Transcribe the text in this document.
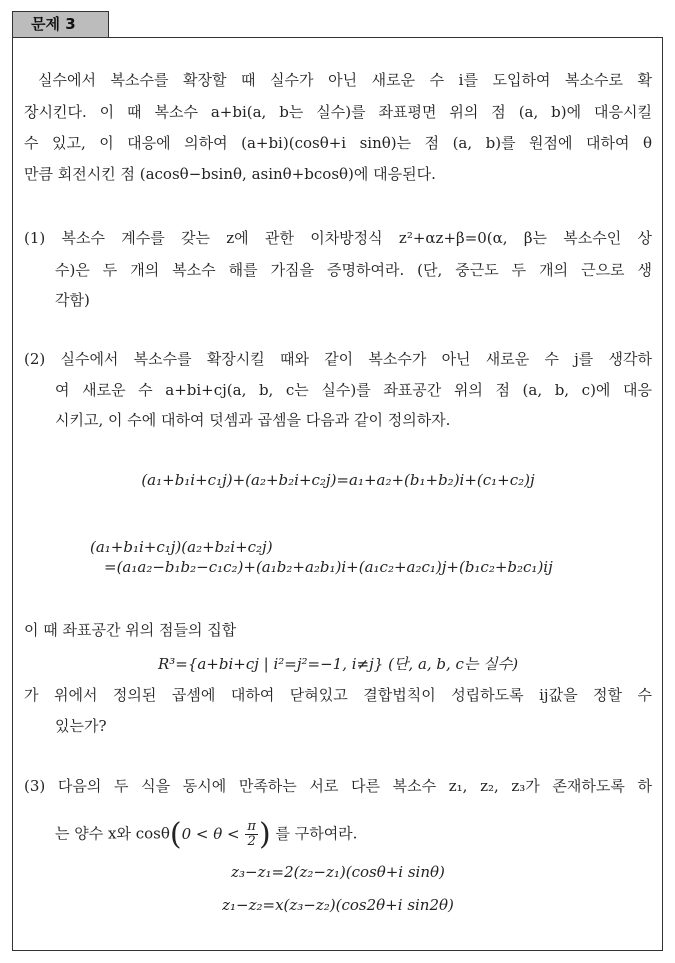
문제 3
실수에서 복소수를 확장할 때 실수가 아닌 새로운 수 i를 도입하여 복소수로 확
장시킨다. 이 때 복소수 a+bi(a, b는 실수)를 좌표평면 위의 점 (a, b)에 대응시킬
수 있고, 이 대응에 의하여 (a+bi)(cosθ+i sinθ)는 점 (a, b)를 원점에 대하여 θ
만큼 회전시킨 점 (acosθ−bsinθ, asinθ+bcosθ)에 대응된다.
(1) 복소수 계수를 갖는 z에 관한 이차방정식 z²+αz+β=0(α, β는 복소수인 상
수)은 두 개의 복소수 해를 가짐을 증명하여라. (단, 중근도 두 개의 근으로 생
각함)
(2) 실수에서 복소수를 확장시킬 때와 같이 복소수가 아닌 새로운 수 j를 생각하
여 새로운 수 a+bi+cj(a, b, c는 실수)를 좌표공간 위의 점 (a, b, c)에 대응
시키고, 이 수에 대하여 덧셈과 곱셈을 다음과 같이 정의하자.
(a₁+b₁i+c₁j)+(a₂+b₂i+c₂j)=a₁+a₂+(b₁+b₂)i+(c₁+c₂)j
(a₁+b₁i+c₁j)(a₂+b₂i+c₂j)
=(a₁a₂−b₁b₂−c₁c₂)+(a₁b₂+a₂b₁)i+(a₁c₂+a₂c₁)j+(b₁c₂+b₂c₁)ij
이 때 좌표공간 위의 점들의 집합
R³={a+bi+cj | i²=j²=−1, i≠j} (단, a, b, c는 실수)
가 위에서 정의된 곱셈에 대하여 닫혀있고 결합법칙이 성립하도록 ij값을 정할 수
있는가?
(3) 다음의 두 식을 동시에 만족하는 서로 다른 복소수 z₁, z₂, z₃가 존재하도록 하
는 양수 x와 $\cos\theta(0 < \theta < \frac{\pi}{2}$ ) 를 구하여라.
z₃−z₁=2(z₂−z₁)(cosθ+i sinθ)
z₁−z₂=x(z₃−z₂)(cos2θ+i sin2θ)
